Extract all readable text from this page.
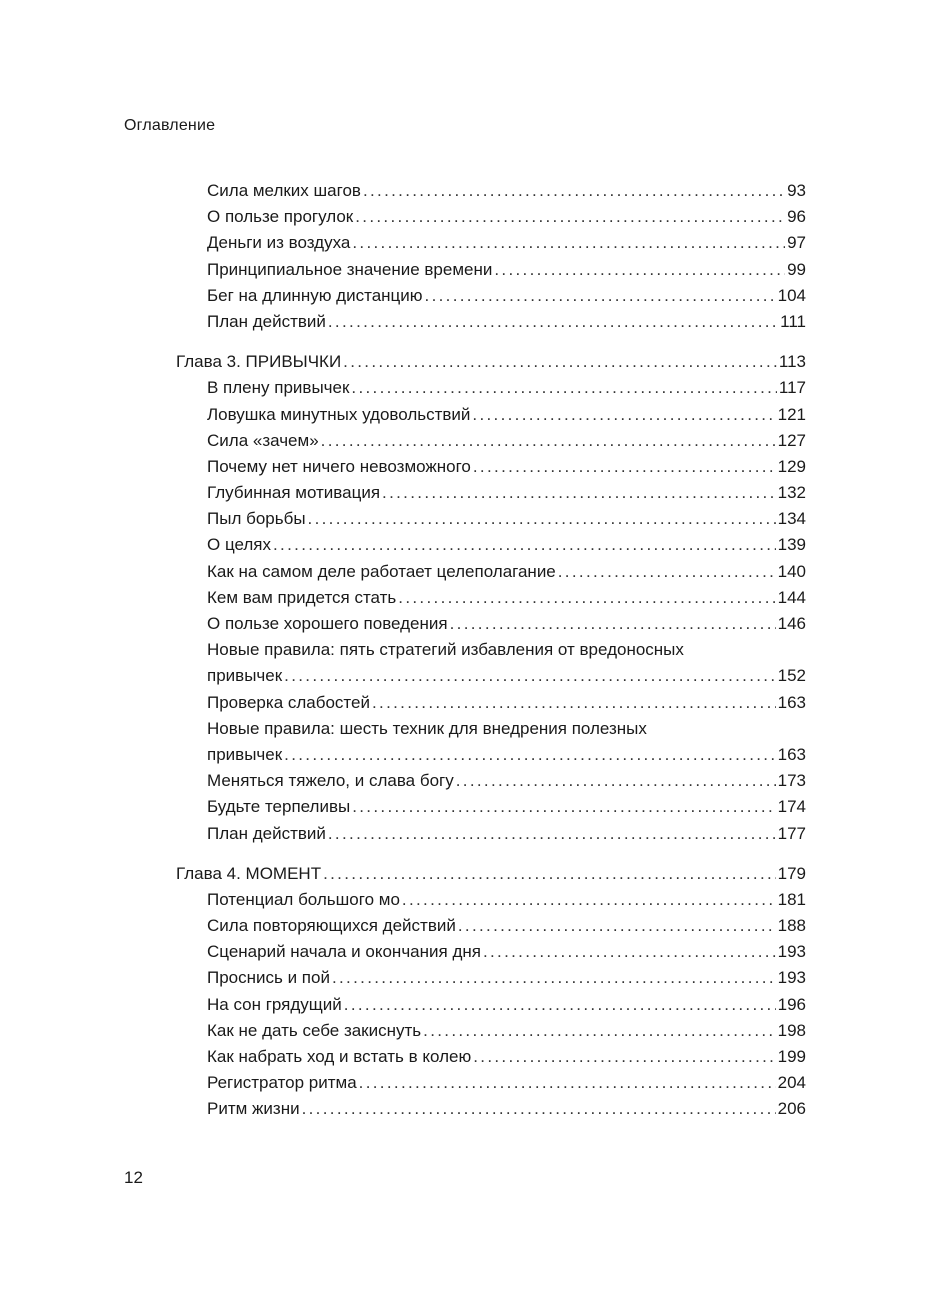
Оглавление
Сила мелких шагов . . .	93
О пользе прогулок . . .	96
Деньги из воздуха . . .	97
Принципиальное значение времени . . .	99
Бег на длинную дистанцию . . .	104
План действий . . .	111
Глава 3. ПРИВЫЧКИ . . .	113
В плену привычек . . .	117
Ловушка минутных удовольствий . . .	121
Сила «зачем» . . .	127
Почему нет ничего невозможного . . .	129
Глубинная мотивация . . .	132
Пыл борьбы . . .	134
О целях . . .	139
Как на самом деле работает целеполагание . . .	140
Кем вам придется стать . . .	144
О пользе хорошего поведения . . .	146
Новые правила: пять стратегий избавления от вредоносных
привычек . . .	152
Проверка слабостей . . .	163
Новые правила: шесть техник для внедрения полезных
привычек . . .	163
Меняться тяжело, и слава богу . . .	173
Будьте терпеливы . . .	174
План действий . . .	177
Глава 4. МОМЕНТ . . .	179
Потенциал большого мо . . .	181
Сила повторяющихся действий . . .	188
Сценарий начала и окончания дня . . .	193
Проснись и пой . . .	193
На сон грядущий . . .	196
Как не дать себе закиснуть . . .	198
Как набрать ход и встать в колею . . .	199
Регистратор ритма . . .	204
Ритм жизни . . .	206
12
